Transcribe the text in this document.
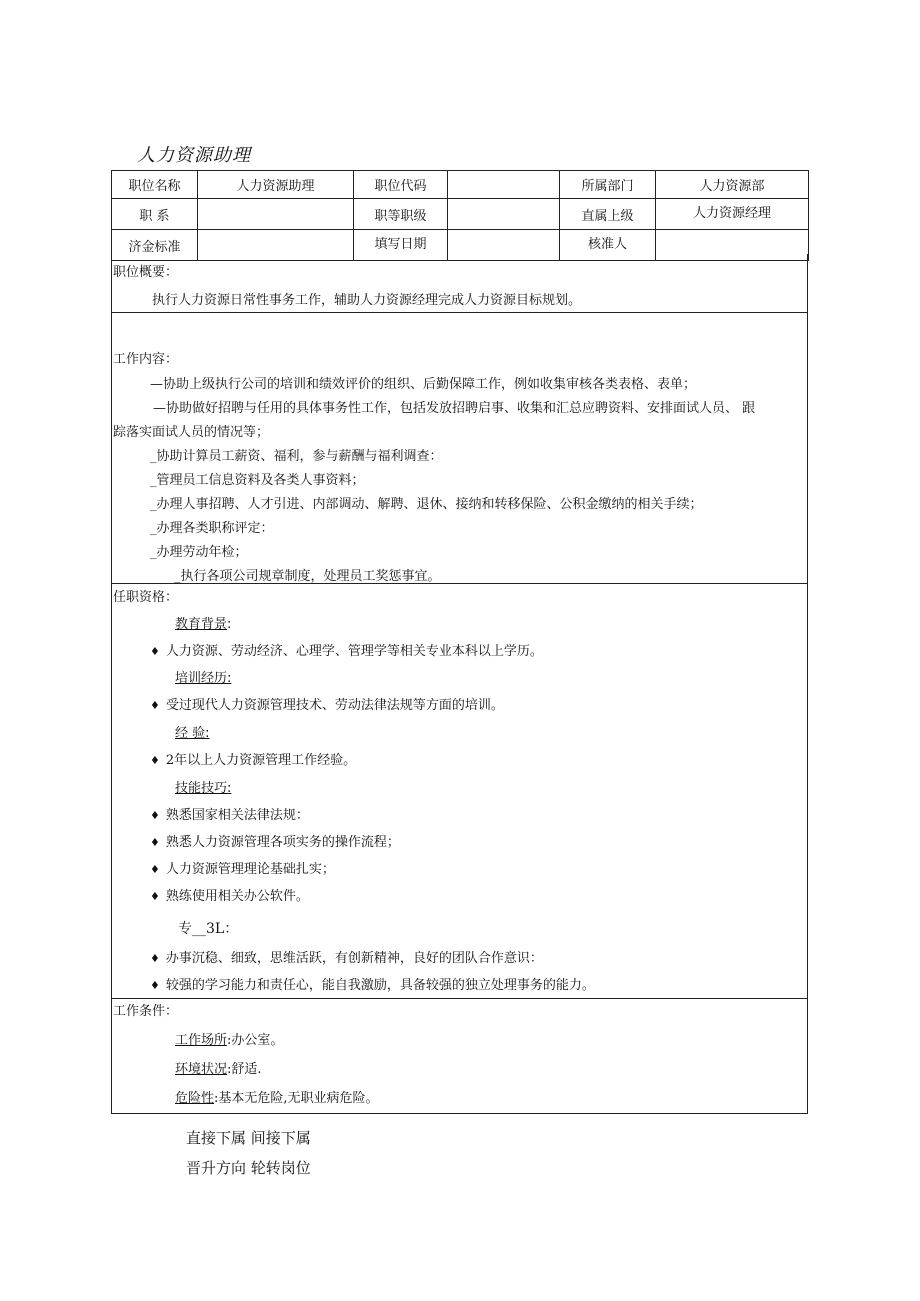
人力资源助理
职位名称	人力资源助理	职位代码		所属部门	人力资源部
职 系		职等职级		直属上级	人力资源经理
济金标准		填写日期		核准人	
职位概要：
执行人力资源日常性事务工作，辅助人力资源经理完成人力资源目标规划。
工作内容：
—协助上级执行公司的培训和绩效评价的组织、后勤保障工作，例如收集审核各类表格、表单；
—协助做好招聘与任用的具体事务性工作，包括发放招聘启事、收集和汇总应聘资料、安排面试人员、 跟
踪落实面试人员的情况等；
_协助计算员工薪资、福利，参与薪酬与福利调查：
_管理员工信息资料及各类人事资料；
_办理人事招聘、人才引进、内部调动、解聘、退休、接纳和转移保险、公积金缴纳的相关手续；
_办理各类职称评定：
_办理劳动年检；
_执行各项公司规章制度，处理员工奖惩事宜。
任职资格：
教育背景:
♦ 人力资源、劳动经济、心理学、管理学等相关专业本科以上学历。
培训经历:
♦ 受过现代人力资源管理技术、劳动法律法规等方面的培训。
经 验:
♦ 2年以上人力资源管理工作经验。
技能技巧:
♦ 熟悉国家相关法律法规：
♦ 熟悉人力资源管理各项实务的操作流程；
♦ 人力资源管理理论基础扎实；
♦ 熟练使用相关办公软件。
专__3L：
♦ 办事沉稳、细致，思维活跃，有创新精神，良好的团队合作意识：
♦ 较强的学习能力和责任心，能自我激励，具备较强的独立处理事务的能力。
工作条件：
工作场所:办公室。
环境状况:舒适.
危险性:基本无危险,无职业病危险。
直接下属 间接下属
晋升方向 轮转岗位
